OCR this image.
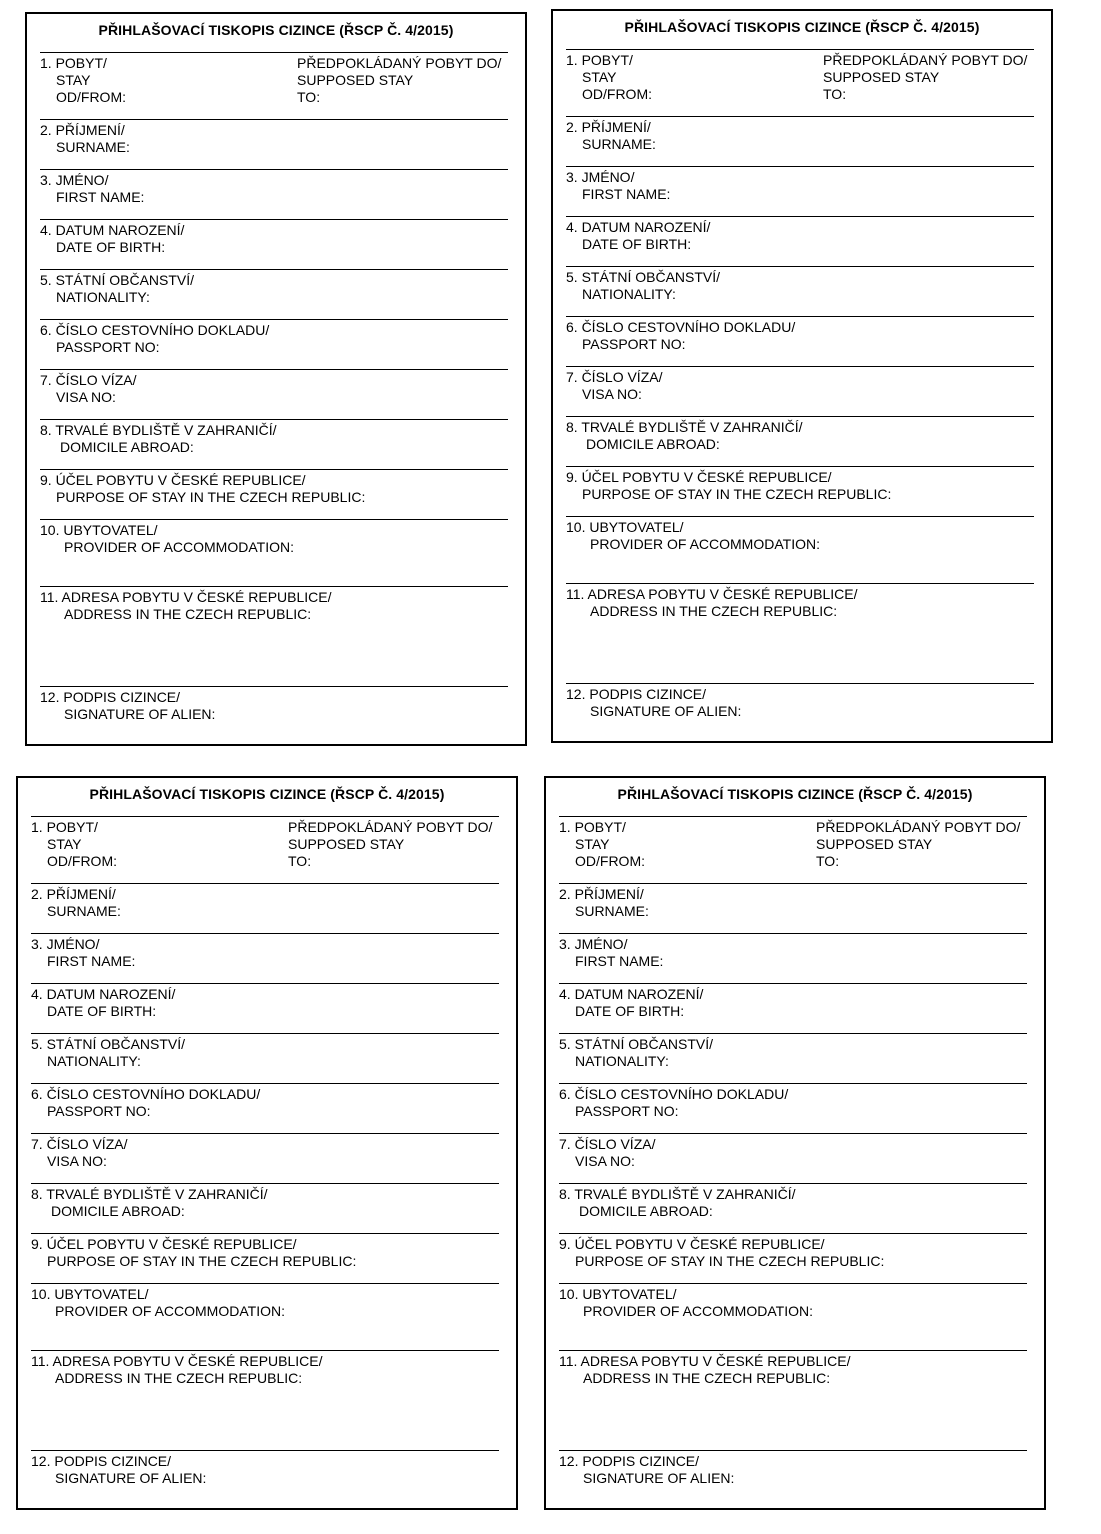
PŘIHLAŠOVACÍ TISKOPIS CIZINCE (ŘSCP Č. 4/2015)
1. POBYT/
STAY
OD/FROM:
PŘEDPOKLÁDANÝ POBYT DO/
SUPPOSED STAY
TO:
2. PŘÍJMENÍ/
SURNAME:
3. JMÉNO/
FIRST NAME:
4. DATUM NAROZENÍ/
DATE OF BIRTH:
5. STÁTNÍ OBČANSTVÍ/
NATIONALITY:
6. ČÍSLO CESTOVNÍHO DOKLADU/
PASSPORT NO:
7. ČÍSLO VÍZA/
VISA NO:
8. TRVALÉ BYDLIŠTĚ V ZAHRANIČÍ/
DOMICILE ABROAD:
9. ÚČEL POBYTU V ČESKÉ REPUBLICE/
PURPOSE OF STAY IN THE CZECH REPUBLIC:
10. UBYTOVATEL/
PROVIDER OF ACCOMMODATION:
11. ADRESA POBYTU V ČESKÉ REPUBLICE/
ADDRESS IN THE CZECH REPUBLIC:
12. PODPIS CIZINCE/
SIGNATURE OF ALIEN:
PŘIHLAŠOVACÍ TISKOPIS CIZINCE (ŘSCP Č. 4/2015)
1. POBYT/
STAY
OD/FROM:
PŘEDPOKLÁDANÝ POBYT DO/
SUPPOSED STAY
TO:
2. PŘÍJMENÍ/
SURNAME:
3. JMÉNO/
FIRST NAME:
4. DATUM NAROZENÍ/
DATE OF BIRTH:
5. STÁTNÍ OBČANSTVÍ/
NATIONALITY:
6. ČÍSLO CESTOVNÍHO DOKLADU/
PASSPORT NO:
7. ČÍSLO VÍZA/
VISA NO:
8. TRVALÉ BYDLIŠTĚ V ZAHRANIČÍ/
DOMICILE ABROAD:
9. ÚČEL POBYTU V ČESKÉ REPUBLICE/
PURPOSE OF STAY IN THE CZECH REPUBLIC:
10. UBYTOVATEL/
PROVIDER OF ACCOMMODATION:
11. ADRESA POBYTU V ČESKÉ REPUBLICE/
ADDRESS IN THE CZECH REPUBLIC:
12. PODPIS CIZINCE/
SIGNATURE OF ALIEN:
PŘIHLAŠOVACÍ TISKOPIS CIZINCE (ŘSCP Č. 4/2015)
1. POBYT/
STAY
OD/FROM:
PŘEDPOKLÁDANÝ POBYT DO/
SUPPOSED STAY
TO:
2. PŘÍJMENÍ/
SURNAME:
3. JMÉNO/
FIRST NAME:
4. DATUM NAROZENÍ/
DATE OF BIRTH:
5. STÁTNÍ OBČANSTVÍ/
NATIONALITY:
6. ČÍSLO CESTOVNÍHO DOKLADU/
PASSPORT NO:
7. ČÍSLO VÍZA/
VISA NO:
8. TRVALÉ BYDLIŠTĚ V ZAHRANIČÍ/
DOMICILE ABROAD:
9. ÚČEL POBYTU V ČESKÉ REPUBLICE/
PURPOSE OF STAY IN THE CZECH REPUBLIC:
10. UBYTOVATEL/
PROVIDER OF ACCOMMODATION:
11. ADRESA POBYTU V ČESKÉ REPUBLICE/
ADDRESS IN THE CZECH REPUBLIC:
12. PODPIS CIZINCE/
SIGNATURE OF ALIEN:
PŘIHLAŠOVACÍ TISKOPIS CIZINCE (ŘSCP Č. 4/2015)
1. POBYT/
STAY
OD/FROM:
PŘEDPOKLÁDANÝ POBYT DO/
SUPPOSED STAY
TO:
2. PŘÍJMENÍ/
SURNAME:
3. JMÉNO/
FIRST NAME:
4. DATUM NAROZENÍ/
DATE OF BIRTH:
5. STÁTNÍ OBČANSTVÍ/
NATIONALITY:
6. ČÍSLO CESTOVNÍHO DOKLADU/
PASSPORT NO:
7. ČÍSLO VÍZA/
VISA NO:
8. TRVALÉ BYDLIŠTĚ V ZAHRANIČÍ/
DOMICILE ABROAD:
9. ÚČEL POBYTU V ČESKÉ REPUBLICE/
PURPOSE OF STAY IN THE CZECH REPUBLIC:
10. UBYTOVATEL/
PROVIDER OF ACCOMMODATION:
11. ADRESA POBYTU V ČESKÉ REPUBLICE/
ADDRESS IN THE CZECH REPUBLIC:
12. PODPIS CIZINCE/
SIGNATURE OF ALIEN:
